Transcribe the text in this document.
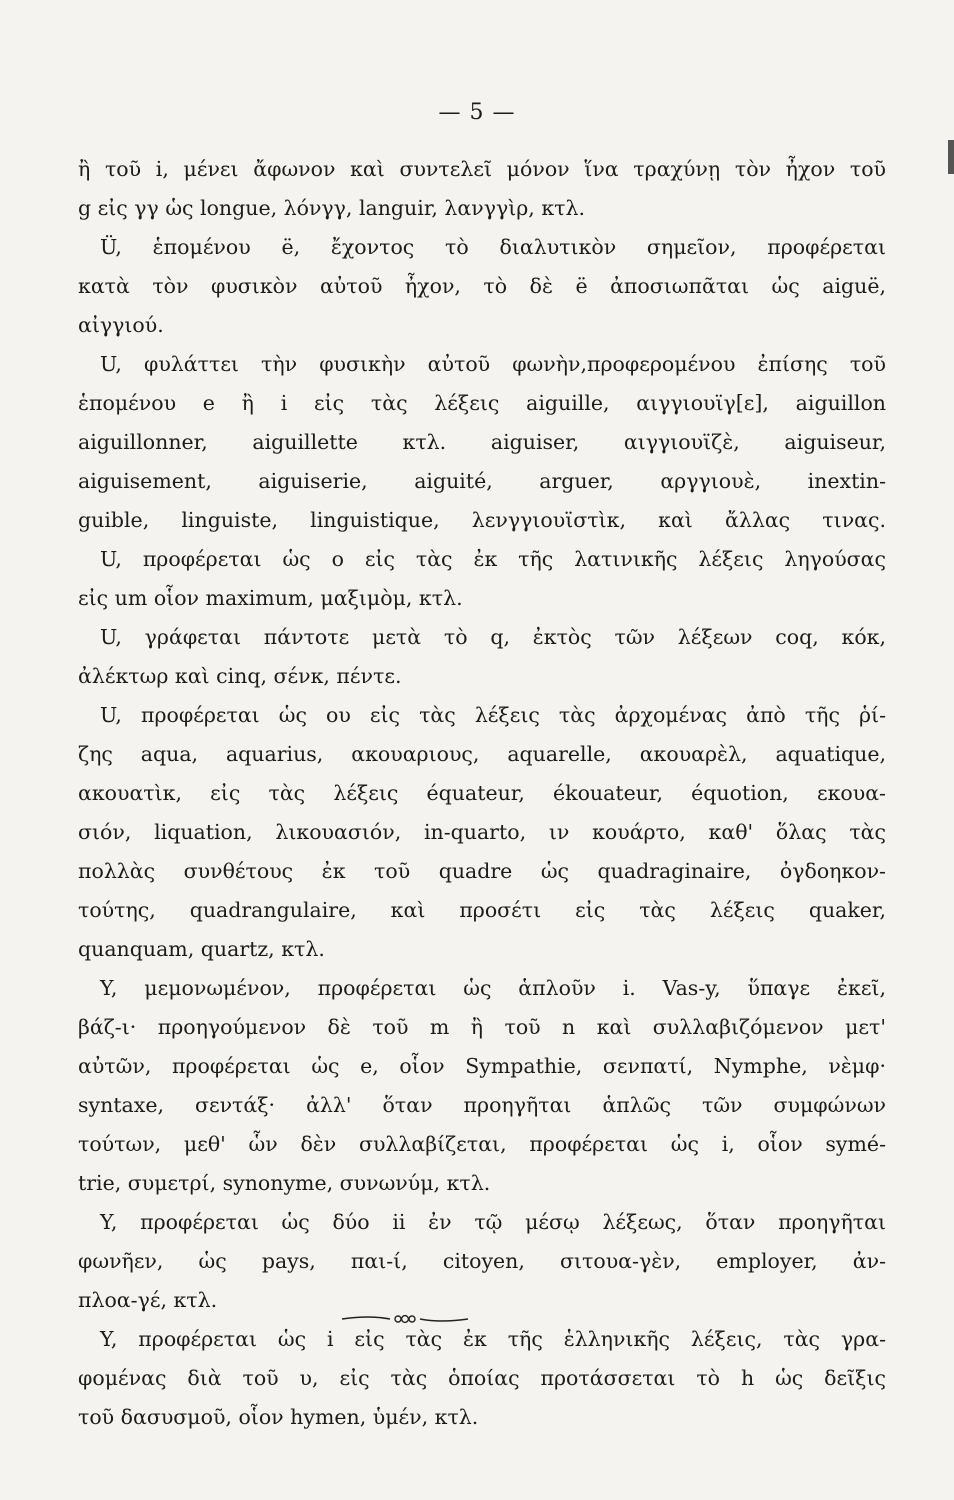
— 5 —
ἢ τοῦ i, μένει ἄφωνον καὶ συντελεῖ μόνον ἵνα τραχύνῃ τὸν ἦχον τοῦ
g εἰς γγ ὡς longue, λόνγγ, languir, λανγγὶρ, κτλ.
Ü, ἑπομένου ë, ἔχοντος τὸ διαλυτικὸν σημεῖον, προφέρεται
κατὰ τὸν φυσικὸν αὐτοῦ ἦχον, τὸ δὲ ë ἀποσιωπᾶται ὡς aiguë,
αἰγγιού.
U, φυλάττει τὴν φυσικὴν αὐτοῦ φωνὴν,προφερομένου ἐπίσης τοῦ
ἑπομένου e ἢ i εἰς τὰς λέξεις aiguille, αιγγιουϊγ[ε], aiguillon
aiguillonner, aiguillette κτλ. aiguiser, αιγγιουϊζὲ, aiguiseur,
aiguisement, aiguiserie, aiguité, arguer, αργγιουὲ, inextin-
guible, linguiste, linguistique, λενγγιουϊστὶκ, καὶ ἄλλας τινας.
U, προφέρεται ὡς ο εἰς τὰς ἐκ τῆς λατινικῆς λέξεις ληγούσας
εἰς um οἷον maximum, μαξιμὸμ, κτλ.
U, γράφεται πάντοτε μετὰ τὸ q, ἐκτὸς τῶν λέξεων coq, κόκ,
ἀλέκτωρ καὶ cinq, σένκ, πέντε.
U, προφέρεται ὡς ου εἰς τὰς λέξεις τὰς ἀρχομένας ἀπὸ τῆς ῥί-
ζης aqua, aquarius, ακουαριους, aquarelle, ακουαρὲλ, aquatique,
ακουατὶκ, εἰς τὰς λέξεις équateur, ékouateur, équotion, εκουα-
σιόν, liquation, λικουασιόν, in-quarto, ιν κουάρτο, καθ' ὅλας τὰς
πολλὰς συνθέτους ἐκ τοῦ quadre ὡς quadraginaire, ὀγδοηκον-
τούτης, quadrangulaire, καὶ προσέτι εἰς τὰς λέξεις quaker,
quanquam, quartz, κτλ.
Y, μεμονωμένον, προφέρεται ὡς ἁπλοῦν i. Vas-y, ὕπαγε ἐκεῖ,
βάζ-ι· προηγούμενον δὲ τοῦ m ἢ τοῦ n καὶ συλλαβιζόμενον μετ'
αὐτῶν, προφέρεται ὡς e, οἷον Sympathie, σενπατί, Nymphe, νὲμφ·
syntaxe, σεντάξ· ἀλλ' ὅταν προηγῆται ἁπλῶς τῶν συμφώνων
τούτων, μεθ' ὧν δὲν συλλαβίζεται, προφέρεται ὡς i, οἷον symé-
trie, συμετρί, synonyme, συνωνύμ, κτλ.
Y, προφέρεται ὡς δύο ii ἐν τῷ μέσῳ λέξεως, ὅταν προηγῆται
φωνῆεν, ὡς pays, παι-ί, citoyen, σιτουα-γὲν, employer, ἀν-
πλοα-γέ, κτλ.
Y, προφέρεται ὡς i εἰς τὰς ἐκ τῆς ἑλληνικῆς λέξεις, τὰς γρα-
φομένας διὰ τοῦ υ, εἰς τὰς ὁποίας προτάσσεται τὸ h ὡς δεῖξις
τοῦ δασυσμοῦ, οἷον hymen, ὑμέν, κτλ.
